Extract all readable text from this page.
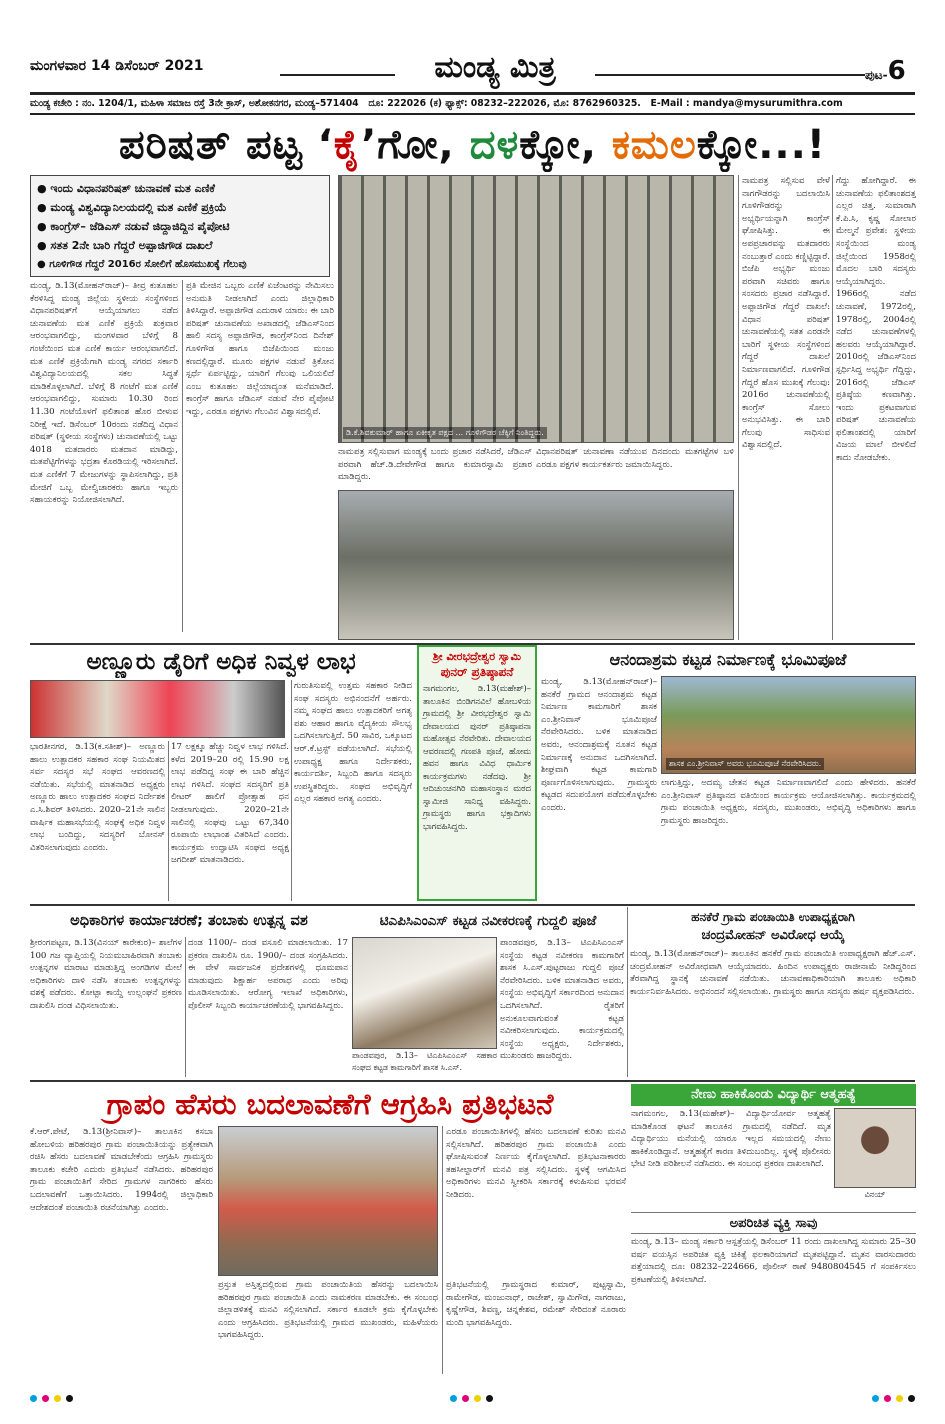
ಮಂಗಳವಾರ 14 ಡಿಸೆಂಬರ್ 2021	ಮಂಡ್ಯ ಮಿತ್ರ	ಪುಟ-6
ಮಂಡ್ಯ ಕಚೇರಿ : ನಂ. 1204/1, ಮಹಿಳಾ ಸಮಾಜ ರಸ್ತೆ 3ನೇ ಕ್ರಾಸ್, ಅಶೋಕನಗರ, ಮಂಡ್ಯ–571404 ದೂ: 222026 (ಕ) ಫ್ಯಾಕ್ಸ್: 08232–222026, ಮೊ: 8762960325. E-Mail : mandya@mysurumithra.com
ಪರಿಷತ್ ಪಟ್ಟ ‘ಕೈ’ಗೋ, ದಳಕ್ಕೋ, ಕಮಲಕ್ಕೋ...!
● ಇಂದು ವಿಧಾನಪರಿಷತ್ ಚುನಾವಣೆ ಮತ ಎಣಿಕೆ
● ಮಂಡ್ಯ ವಿಶ್ವವಿದ್ಯಾನಿಲಯದಲ್ಲಿ ಮತ ಎಣಿಕೆ ಪ್ರಕ್ರಿಯೆ
● ಕಾಂಗ್ರೆಸ್– ಜೆಡಿಎಸ್ ನಡುವೆ ಜಿದ್ದಾಜಿದ್ದಿನ ಪೈಪೋಟಿ
● ಸತತ 2ನೇ ಬಾರಿ ಗೆದ್ದರೆ ಅಪ್ಪಾಜಿಗೌಡ ದಾಖಲೆ
● ಗೂಳಿಗೌಡ ಗೆದ್ದರೆ 2016ರ ಸೋಲಿಗೆ ಹೊಸಮುಖಕ್ಕೆ ಗೆಲುವು
ಮಂಡ್ಯ, ಡಿ.13(ಮೋಹನ್‌ರಾಜ್)– ತೀವ್ರ ಕುತೂಹಲ ಕೆರಳಿಸಿದ್ದ ಮಂಡ್ಯ ಜಿಲ್ಲೆಯ ಸ್ಥಳೀಯ ಸಂಸ್ಥೆಗಳಿಂದ ವಿಧಾನಪರಿಷತ್‌ಗೆ ಆಯ್ಕೆಯಾಗಲು ನಡೆದ ಚುನಾವಣೆಯ ಮತ ಎಣಿಕೆ ಪ್ರಕ್ರಿಯೆ ಶುಕ್ರವಾರ ಆರಂಭವಾಗಲಿದ್ದು, ಮಂಗಳವಾರ ಬೆಳಿಗ್ಗೆ 8 ಗಂಟೆಯಿಂದ ಮತ ಎಣಿಕೆ ಕಾರ್ಯ ಆರಂಭವಾಗಲಿದೆ. ಮತ ಎಣಿಕೆ ಪ್ರಕ್ರಿಯೆಗಾಗಿ ಮಂಡ್ಯ ನಗರದ ಸರ್ಕಾರಿ ವಿಶ್ವವಿದ್ಯಾನಿಲಯದಲ್ಲಿ ಸಕಲ ಸಿದ್ಧತೆ ಮಾಡಿಕೊಳ್ಳಲಾಗಿದೆ. ಬೆಳಿಗ್ಗೆ 8 ಗಂಟೆಗೆ ಮತ ಎಣಿಕೆ ಆರಂಭವಾಗಲಿದ್ದು, ಸುಮಾರು 10.30 ರಿಂದ 11.30 ಗಂಟೆಯೊಳಗೆ ಫಲಿತಾಂಶ ಹೊರ ಬೀಳುವ ನಿರೀಕ್ಷೆ ಇದೆ. ಡಿಸೆಂಬರ್ 10ರಂದು ನಡೆದಿದ್ದ ವಿಧಾನ ಪರಿಷತ್ (ಸ್ಥಳೀಯ ಸಂಸ್ಥೆಗಳು) ಚುನಾವಣೆಯಲ್ಲಿ ಒಟ್ಟು 4018 ಮತದಾರರು ಮತದಾನ ಮಾಡಿದ್ದು, ಮತಪೆಟ್ಟಿಗೆಗಳನ್ನು ಭದ್ರತಾ ಕೊಠಡಿಯಲ್ಲಿ ಇರಿಸಲಾಗಿದೆ. ಮತ ಎಣಿಕೆಗೆ 7 ಮೇಜುಗಳನ್ನು ಸ್ಥಾಪಿಸಲಾಗಿದ್ದು, ಪ್ರತಿ ಮೇಜಿಗೆ ಒಬ್ಬ ಮೇಲ್ವಿಚಾರಕರು ಹಾಗೂ ಇಬ್ಬರು ಸಹಾಯಕರನ್ನು ನಿಯೋಜಿಸಲಾಗಿದೆ.
ಪ್ರತಿ ಮೇಜಿನ ಒಬ್ಬರು ಎಣಿಕೆ ಏಜೆಂಟರನ್ನು ನೇಮಿಸಲು ಅನುಮತಿ ನೀಡಲಾಗಿದೆ ಎಂದು ಜಿಲ್ಲಾಧಿಕಾರಿ ತಿಳಿಸಿದ್ದಾರೆ. ಅಪ್ಪಾಜಿಗೌಡ ಎದುರಾಳಿ ಯಾರು: ಈ ಬಾರಿ ಪರಿಷತ್ ಚುನಾವಣೆಯ ಅಖಾಡದಲ್ಲಿ ಜೆಡಿಎಸ್‌ನಿಂದ ಹಾಲಿ ಸದಸ್ಯ ಅಪ್ಪಾಜಿಗೌಡ, ಕಾಂಗ್ರೆಸ್‌ನಿಂದ ದಿನೇಶ್ ಗೂಳಿಗೌಡ ಹಾಗೂ ಬಿಜೆಪಿಯಿಂದ ಮಂಜು ಕಣದಲ್ಲಿದ್ದಾರೆ. ಮೂರು ಪಕ್ಷಗಳ ನಡುವೆ ತ್ರಿಕೋನ ಸ್ಪರ್ಧೆ ಏರ್ಪಟ್ಟಿದ್ದು, ಯಾರಿಗೆ ಗೆಲುವು ಒಲಿಯಲಿದೆ ಎಂಬ ಕುತೂಹಲ ಜಿಲ್ಲೆಯಾದ್ಯಂತ ಮನೆಮಾಡಿದೆ. ಕಾಂಗ್ರೆಸ್ ಹಾಗೂ ಜೆಡಿಎಸ್ ನಡುವೆ ನೇರ ಪೈಪೋಟಿ ಇದ್ದು, ಎರಡೂ ಪಕ್ಷಗಳು ಗೆಲುವಿನ ವಿಶ್ವಾಸದಲ್ಲಿವೆ.
ಡಿ.ಕೆ.ಶಿವಕುಮಾರ್ ಹಾಗೂ ಏಕೀಕೃತ ಪಕ್ಷದ ... ಗೂಳಿಗೌಡರ ಚೆಕ್ಕಿಗೆ ನಿಂತಿದ್ದರು.
ನಾಮಪತ್ರ ಸಲ್ಲಿಸುವಾಗ ಮಂಡ್ಯಕ್ಕೆ ಬಂದು ಪ್ರಚಾರ ನಡೆಸಿದರೆ, ಜೆಡಿಎಸ್ ಪರವಾಗಿ ಹೆಚ್.ಡಿ.ದೇವೇಗೌಡ ಹಾಗೂ ಕುಮಾರಸ್ವಾಮಿ ಪ್ರಚಾರ ಮಾಡಿದ್ದರು.
ವಿಧಾನಪರಿಷತ್ ಚುನಾವಣಾ ನಡೆಯುವ ದಿನದಂದು ಮತಗಟ್ಟೆಗಳ ಬಳಿ ಎರಡೂ ಪಕ್ಷಗಳ ಕಾರ್ಯಕರ್ತರು ಜಮಾಯಿಸಿದ್ದರು.
ನಾಮಪತ್ರ ಸಲ್ಲಿಸುವ ವೇಳೆ ನಾಗಗೌಡರನ್ನು ಬದಲಾಯಿಸಿ ಗೂಳಿಗೌಡರನ್ನು ಅಭ್ಯರ್ಥಿಯನ್ನಾಗಿ ಕಾಂಗ್ರೆಸ್ ಘೋಷಿಸಿತ್ತು. ಈ ಅಪಪ್ರಚಾರವನ್ನು ಮತದಾರರು ನಂಬುತ್ತಾರೆ ಎಂದು ಕಣ್ಣಿಟ್ಟಿದ್ದಾರೆ. ಬಿಜೆಪಿ ಅಭ್ಯರ್ಥಿ ಮಂಜು ಪರವಾಗಿ ಸಚಿವರು ಹಾಗೂ ಸಂಸದರು ಪ್ರಚಾರ ನಡೆಸಿದ್ದಾರೆ. ಅಪ್ಪಾಜಿಗೌಡ ಗೆದ್ದರೆ ದಾಖಲೆ: ವಿಧಾನ ಪರಿಷತ್ ಚುನಾವಣೆಯಲ್ಲಿ ಸತತ ಎರಡನೇ ಬಾರಿಗೆ ಸ್ಥಳೀಯ ಸಂಸ್ಥೆಗಳಿಂದ ಗೆದ್ದರೆ ದಾಖಲೆ ನಿರ್ಮಾಣವಾಗಲಿದೆ. ಗೂಳಿಗೌಡ ಗೆದ್ದರೆ ಹೊಸ ಮುಖಕ್ಕೆ ಗೆಲುವು: 2016ರ ಚುನಾವಣೆಯಲ್ಲಿ ಕಾಂಗ್ರೆಸ್ ಸೋಲು ಅನುಭವಿಸಿತ್ತು. ಈ ಬಾರಿ ಗೆಲುವು ಸಾಧಿಸುವ ವಿಶ್ವಾಸದಲ್ಲಿದೆ.
ಗೆದ್ದು ಹೋಗಿದ್ದಾರೆ. ಈ ಚುನಾವಣೆಯ ಫಲಿತಾಂಶದತ್ತ ಎಲ್ಲರ ಚಿತ್ತ. ಸುಮಾರಾಗಿ ಕೆ.ಪಿ.ಸಿ, ಕೃಷ್ಣ ಸೋಲಾರ ಮೇಲ್ಮನೆ ಪ್ರವೇಶ: ಸ್ಥಳೀಯ ಸಂಸ್ಥೆಯಿಂದ ಮಂಡ್ಯ ಜಿಲ್ಲೆಯಿಂದ 1958ರಲ್ಲಿ ಮೊದಲ ಬಾರಿ ಸದಸ್ಯರು ಆಯ್ಕೆಯಾಗಿದ್ದರು. 1966ರಲ್ಲಿ ನಡೆದ ಚುನಾವಣೆ, 1972ರಲ್ಲಿ, 1978ರಲ್ಲಿ, 2004ರಲ್ಲಿ ನಡೆದ ಚುನಾವಣೆಗಳಲ್ಲಿ ಹಲವರು ಆಯ್ಕೆಯಾಗಿದ್ದಾರೆ. 2010ರಲ್ಲಿ ಜೆಡಿಎಸ್‌ನಿಂದ ಸ್ಪರ್ಧಿಸಿದ್ದ ಅಭ್ಯರ್ಥಿ ಗೆದ್ದಿದ್ದು, 2016ರಲ್ಲಿ ಜೆಡಿಎಸ್ ಪ್ರತಿಷ್ಠೆಯ ಕಣವಾಗಿತ್ತು. ಇಂದು ಪ್ರಕಟವಾಗುವ ಪರಿಷತ್ ಚುನಾವಣೆಯ ಫಲಿತಾಂಶದಲ್ಲಿ ಯಾರಿಗೆ ವಿಜಯ ಮಾಲೆ ಬೀಳಲಿದೆ ಕಾದು ನೋಡಬೇಕು.
ಅಣ್ಣೂರು ಡೈರಿಗೆ ಅಧಿಕ ನಿವ್ವಳ ಲಾಭ
ಭಾರತೀನಗರ, ಡಿ.13(ಕ.ಸತೀಶ್)– ಅಣ್ಣೂರು ಹಾಲು ಉತ್ಪಾದಕರ ಸಹಕಾರ ಸಂಘ ನಿಯಮಿತದ ಸರ್ವ ಸದಸ್ಯರ ಸಭೆ ಸಂಘದ ಆವರಣದಲ್ಲಿ ನಡೆಯಿತು. ಸಭೆಯಲ್ಲಿ ಮಾತನಾಡಿದ ಅಧ್ಯಕ್ಷರು ಅಣ್ಣೂರು ಹಾಲು ಉತ್ಪಾದಕರ ಸಂಘದ ನಿರ್ದೇಶಕ ಎ.ಸಿ.ಶಿವರ್ ತಿಳಿಸಿದರು. 2020–21ನೇ ಸಾಲಿನ ವಾರ್ಷಿಕ ಮಹಾಸಭೆಯಲ್ಲಿ ಸಂಘಕ್ಕೆ ಅಧಿಕ ನಿವ್ವಳ ಲಾಭ ಬಂದಿದ್ದು, ಸದಸ್ಯರಿಗೆ ಬೋನಸ್ ವಿತರಿಸಲಾಗುವುದು ಎಂದರು.
17 ಲಕ್ಷಕ್ಕೂ ಹೆಚ್ಚು ನಿವ್ವಳ ಲಾಭ ಗಳಿಸಿದೆ. ಕಳೆದ 2019–20 ರಲ್ಲಿ 15.90 ಲಕ್ಷ ಲಾಭ ಪಡೆದಿದ್ದ ಸಂಘ ಈ ಬಾರಿ ಹೆಚ್ಚಿನ ಲಾಭ ಗಳಿಸಿದೆ. ಸಂಘದ ಸದಸ್ಯರಿಗೆ ಪ್ರತಿ ಲೀಟರ್ ಹಾಲಿಗೆ ಪ್ರೋತ್ಸಾಹ ಧನ ನೀಡಲಾಗುವುದು. 2020–21ನೇ ಸಾಲಿನಲ್ಲಿ ಸಂಘವು ಒಟ್ಟು 67,340 ರೂಪಾಯಿ ಲಾಭಾಂಶ ವಿತರಿಸಿದೆ ಎಂದರು. ಕಾರ್ಯಕ್ರಮ ಉದ್ಘಾಟಿಸಿ ಸಂಘದ ಅಧ್ಯಕ್ಷ ಜಗದೀಶ್ ಮಾತನಾಡಿದರು.
ಗುರುತಿಸುವಲ್ಲಿ ಉತ್ತಮ ಸಹಕಾರ ನೀಡಿದ ಸಂಘ ಸದಸ್ಯರು ಅಭಿನಂದನೆಗೆ ಅರ್ಹರು. ನಮ್ಮ ಸಂಘದ ಹಾಲು ಉತ್ಪಾದಕರಿಗೆ ಅಗತ್ಯ ಪಶು ಆಹಾರ ಹಾಗೂ ವೈದ್ಯಕೀಯ ಸೌಲಭ್ಯ ಒದಗಿಸಲಾಗುತ್ತಿದೆ. 50 ಸಾವಿರ, ಒಕ್ಕೂಟದ ಆರ್.ಕೆ.ಟ್ರಸ್ಟ್ ಪಡೆಯಲಾಗಿದೆ. ಸಭೆಯಲ್ಲಿ ಉಪಾಧ್ಯಕ್ಷ ಹಾಗೂ ನಿರ್ದೇಶಕರು, ಕಾರ್ಯದರ್ಶಿ, ಸಿಬ್ಬಂದಿ ಹಾಗೂ ಸದಸ್ಯರು ಉಪಸ್ಥಿತರಿದ್ದರು. ಸಂಘದ ಅಭಿವೃದ್ಧಿಗೆ ಎಲ್ಲರ ಸಹಕಾರ ಅಗತ್ಯ ಎಂದರು.
ಶ್ರೀ ವೀರಭದ್ರೇಶ್ವರ ಸ್ವಾಮಿ
ಪುನರ್ ಪ್ರತಿಷ್ಠಾಪನೆ
ನಾಗಮಂಗಲ, ಡಿ.13(ಮಹೇಶ್)– ತಾಲೂಕಿನ ಬಿಂಡಿಗನವಿಲೆ ಹೋಬಳಿಯ ಗ್ರಾಮದಲ್ಲಿ ಶ್ರೀ ವೀರಭದ್ರೇಶ್ವರ ಸ್ವಾಮಿ ದೇವಾಲಯದ ಪುನರ್ ಪ್ರತಿಷ್ಠಾಪನಾ ಮಹೋತ್ಸವ ನೆರವೇರಿತು. ದೇವಾಲಯದ ಆವರಣದಲ್ಲಿ ಗಣಪತಿ ಪೂಜೆ, ಹೋಮ ಹವನ ಹಾಗೂ ವಿವಿಧ ಧಾರ್ಮಿಕ ಕಾರ್ಯಕ್ರಮಗಳು ನಡೆದವು. ಶ್ರೀ ಆದಿಚುಂಚನಗಿರಿ ಮಹಾಸಂಸ್ಥಾನ ಮಠದ ಸ್ವಾಮೀಜಿ ಸಾನಿಧ್ಯ ವಹಿಸಿದ್ದರು. ಗ್ರಾಮಸ್ಥರು ಹಾಗೂ ಭಕ್ತಾದಿಗಳು ಭಾಗವಹಿಸಿದ್ದರು.
ಆನಂದಾಶ್ರಮ ಕಟ್ಟಡ ನಿರ್ಮಾಣಕ್ಕೆ ಭೂಮಿಪೂಜೆ
ಮಂಡ್ಯ, ಡಿ.13(ಮೋಹನ್‌ರಾಜ್)– ಹನಕೆರೆ ಗ್ರಾಮದ ಆನಂದಾಶ್ರಮ ಕಟ್ಟಡ ನಿರ್ಮಾಣ ಕಾಮಗಾರಿಗೆ ಶಾಸಕ ಎಂ.ಶ್ರೀನಿವಾಸ್ ಭೂಮಿಪೂಜೆ ನೆರವೇರಿಸಿದರು. ಬಳಿಕ ಮಾತನಾಡಿದ ಅವರು, ಆನಂದಾಶ್ರಮಕ್ಕೆ ನೂತನ ಕಟ್ಟಡ ನಿರ್ಮಾಣಕ್ಕೆ ಅನುದಾನ ಒದಗಿಸಲಾಗಿದೆ. ಶೀಘ್ರವಾಗಿ ಕಟ್ಟಡ ಕಾಮಗಾರಿ ಪೂರ್ಣಗೊಳಿಸಲಾಗುವುದು. ಗ್ರಾಮಸ್ಥರು ಕಟ್ಟಡದ ಸದುಪಯೋಗ ಪಡೆದುಕೊಳ್ಳಬೇಕು ಎಂದರು.
ಶಾಸಕ ಎಂ.ಶ್ರೀನಿವಾಸ್ ಅವರು ಭೂಮಿಪೂಜೆ ನೆರವೇರಿಸಿದರು.
ಲಾಗುತ್ತಿದ್ದು, ಅದಮ್ಯ ಚೇತನ ಕಟ್ಟಡ ನಿರ್ಮಾಣವಾಗಲಿದೆ ಎಂದು ಹೇಳಿದರು. ಹನಕೆರೆ ಎಂ.ಶ್ರೀನಿವಾಸ್ ಪ್ರತಿಷ್ಠಾನದ ವತಿಯಿಂದ ಕಾರ್ಯಕ್ರಮ ಆಯೋಜಿಸಲಾಗಿತ್ತು. ಕಾರ್ಯಕ್ರಮದಲ್ಲಿ ಗ್ರಾಮ ಪಂಚಾಯಿತಿ ಅಧ್ಯಕ್ಷರು, ಸದಸ್ಯರು, ಮುಖಂಡರು, ಅಭಿವೃದ್ಧಿ ಅಧಿಕಾರಿಗಳು ಹಾಗೂ ಗ್ರಾಮಸ್ಥರು ಹಾಜರಿದ್ದರು.
ಅಧಿಕಾರಿಗಳ ಕಾರ್ಯಾಚರಣೆ; ತಂಬಾಕು ಉತ್ಪನ್ನ ವಶ
ಶ್ರೀರಂಗಪಟ್ಟಣ, ಡಿ.13(ವಿನಯ್ ಕಾರೇಕುರ)– ಶಾಲೆಗಳ 100 ಗಜ ವ್ಯಾಪ್ತಿಯಲ್ಲಿ ನಿಯಮಬಾಹಿರವಾಗಿ ತಂಬಾಕು ಉತ್ಪನ್ನಗಳ ಮಾರಾಟ ಮಾಡುತ್ತಿದ್ದ ಅಂಗಡಿಗಳ ಮೇಲೆ ಅಧಿಕಾರಿಗಳು ದಾಳಿ ನಡೆಸಿ ತಂಬಾಕು ಉತ್ಪನ್ನಗಳನ್ನು ವಶಕ್ಕೆ ಪಡೆದರು. ಕೋಟ್ಪಾ ಕಾಯ್ದೆ ಉಲ್ಲಂಘನೆ ಪ್ರಕರಣ ದಾಖಲಿಸಿ ದಂಡ ವಿಧಿಸಲಾಯಿತು.
ದಂಡ 1100/– ದಂಡ ವಸೂಲಿ ಮಾಡಲಾಯಿತು. 17 ಪ್ರಕರಣ ದಾಖಲಿಸಿ ರೂ. 1900/– ದಂಡ ಸಂಗ್ರಹಿಸಿದರು. ಈ ವೇಳೆ ಸಾರ್ವಜನಿಕ ಪ್ರದೇಶಗಳಲ್ಲಿ ಧೂಮಪಾನ ಮಾಡುವುದು ಶಿಕ್ಷಾರ್ಹ ಅಪರಾಧ ಎಂದು ಅರಿವು ಮೂಡಿಸಲಾಯಿತು. ಆರೋಗ್ಯ ಇಲಾಖೆ ಅಧಿಕಾರಿಗಳು, ಪೊಲೀಸ್ ಸಿಬ್ಬಂದಿ ಕಾರ್ಯಾಚರಣೆಯಲ್ಲಿ ಭಾಗವಹಿಸಿದ್ದರು.
ಟಿಎಪಿಸಿಎಂಎಸ್ ಕಟ್ಟಡ ನವೀಕರಣಕ್ಕೆ ಗುದ್ದಲಿ ಪೂಜೆ
ಪಾಂಡವಪುರ, ಡಿ.13– ಟಿಎಪಿಸಿಎಂಎಸ್ ಸಹಕಾರ ಸಂಘದ ಕಟ್ಟಡ ಕಾಮಗಾರಿಗೆ ಶಾಸಕ ಸಿ.ಎಸ್.
ಪಾಂಡವಪುರ, ಡಿ.13– ಟಿಎಪಿಸಿಎಂಎಸ್ ಸಂಸ್ಥೆಯ ಕಟ್ಟಡ ನವೀಕರಣ ಕಾಮಗಾರಿಗೆ ಶಾಸಕ ಸಿ.ಎಸ್.ಪುಟ್ಟರಾಜು ಗುದ್ದಲಿ ಪೂಜೆ ನೆರವೇರಿಸಿದರು. ಬಳಿಕ ಮಾತನಾಡಿದ ಅವರು, ಸಂಸ್ಥೆಯ ಅಭಿವೃದ್ಧಿಗೆ ಸರ್ಕಾರದಿಂದ ಅನುದಾನ ಒದಗಿಸಲಾಗಿದೆ. ರೈತರಿಗೆ ಅನುಕೂಲವಾಗುವಂತೆ ಕಟ್ಟಡ ನವೀಕರಿಸಲಾಗುವುದು. ಕಾರ್ಯಕ್ರಮದಲ್ಲಿ ಸಂಸ್ಥೆಯ ಅಧ್ಯಕ್ಷರು, ನಿರ್ದೇಶಕರು, ಮುಖಂಡರು ಹಾಜರಿದ್ದರು.
ಹನಕೆರೆ ಗ್ರಾಮ ಪಂಚಾಯಿತಿ ಉಪಾಧ್ಯಕ್ಷರಾಗಿ
ಚಂದ್ರಮೋಹನ್ ಅವಿರೋಧ ಆಯ್ಕೆ
ಮಂಡ್ಯ, ಡಿ.13(ಮೋಹನ್‌ರಾಜ್)– ತಾಲೂಕಿನ ಹನಕೆರೆ ಗ್ರಾಮ ಪಂಚಾಯಿತಿ ಉಪಾಧ್ಯಕ್ಷರಾಗಿ ಹೆಚ್.ಎಸ್. ಚಂದ್ರಮೋಹನ್ ಅವಿರೋಧವಾಗಿ ಆಯ್ಕೆಯಾದರು. ಹಿಂದಿನ ಉಪಾಧ್ಯಕ್ಷರು ರಾಜೀನಾಮೆ ನೀಡಿದ್ದರಿಂದ ತೆರವಾಗಿದ್ದ ಸ್ಥಾನಕ್ಕೆ ಚುನಾವಣೆ ನಡೆಯಿತು. ಚುನಾವಣಾಧಿಕಾರಿಯಾಗಿ ತಾಲೂಕು ಅಧಿಕಾರಿ ಕಾರ್ಯನಿರ್ವಹಿಸಿದರು. ಅಭಿನಂದನೆ ಸಲ್ಲಿಸಲಾಯಿತು. ಗ್ರಾಮಸ್ಥರು ಹಾಗೂ ಸದಸ್ಯರು ಹರ್ಷ ವ್ಯಕ್ತಪಡಿಸಿದರು.
ಗ್ರಾಪಂ ಹೆಸರು ಬದಲಾವಣೆಗೆ ಆಗ್ರಹಿಸಿ ಪ್ರತಿಭಟನೆ
ಕೆ.ಆರ್.ಪೇಟೆ, ಡಿ.13(ಶ್ರೀನಿವಾಸ್)– ತಾಲೂಕಿನ ಕಸಬಾ ಹೋಬಳಿಯ ಹರಿಹರಪುರ ಗ್ರಾಮ ಪಂಚಾಯಿತಿಯನ್ನು ಪ್ರತ್ಯೇಕವಾಗಿ ರಚಿಸಿ ಹೆಸರು ಬದಲಾವಣೆ ಮಾಡಬೇಕೆಂದು ಆಗ್ರಹಿಸಿ ಗ್ರಾಮಸ್ಥರು ತಾಲೂಕು ಕಚೇರಿ ಎದುರು ಪ್ರತಿಭಟನೆ ನಡೆಸಿದರು. ಹರಿಹರಪುರ ಗ್ರಾಮ ಪಂಚಾಯಿತಿಗೆ ಸೇರಿದ ಗ್ರಾಮಗಳ ನಾಗರಿಕರು ಹೆಸರು ಬದಲಾವಣೆಗೆ ಒತ್ತಾಯಿಸಿದರು. 1994ರಲ್ಲಿ ಜಿಲ್ಲಾಧಿಕಾರಿ ಆದೇಶದಂತೆ ಪಂಚಾಯಿತಿ ರಚನೆಯಾಗಿತ್ತು ಎಂದರು.
ಪ್ರಸ್ತುತ ಅಸ್ತಿತ್ವದಲ್ಲಿರುವ ಗ್ರಾಮ ಪಂಚಾಯಿತಿಯ ಹೆಸರನ್ನು ಬದಲಾಯಿಸಿ ಹರಿಹರಪುರ ಗ್ರಾಮ ಪಂಚಾಯಿತಿ ಎಂದು ನಾಮಕರಣ ಮಾಡಬೇಕು. ಈ ಸಂಬಂಧ ಜಿಲ್ಲಾಡಳಿತಕ್ಕೆ ಮನವಿ ಸಲ್ಲಿಸಲಾಗಿದೆ. ಸರ್ಕಾರ ಕೂಡಲೇ ಕ್ರಮ ಕೈಗೊಳ್ಳಬೇಕು ಎಂದು ಆಗ್ರಹಿಸಿದರು. ಪ್ರತಿಭಟನೆಯಲ್ಲಿ ಗ್ರಾಮದ ಮುಖಂಡರು, ಮಹಿಳೆಯರು ಭಾಗವಹಿಸಿದ್ದರು.
ಎರಡೂ ಪಂಚಾಯಿತಿಗಳಲ್ಲಿ ಹೆಸರು ಬದಲಾವಣೆ ಕುರಿತು ಮನವಿ ಸಲ್ಲಿಸಲಾಗಿದೆ. ಹರಿಹರಪುರ ಗ್ರಾಮ ಪಂಚಾಯಿತಿ ಎಂದು ಘೋಷಿಸುವಂತೆ ನಿರ್ಣಯ ಕೈಗೊಳ್ಳಲಾಗಿದೆ. ಪ್ರತಿಭಟನಾಕಾರರು ತಹಸೀಲ್ದಾರ್‌ಗೆ ಮನವಿ ಪತ್ರ ಸಲ್ಲಿಸಿದರು. ಸ್ಥಳಕ್ಕೆ ಆಗಮಿಸಿದ ಅಧಿಕಾರಿಗಳು ಮನವಿ ಸ್ವೀಕರಿಸಿ ಸರ್ಕಾರಕ್ಕೆ ಕಳುಹಿಸುವ ಭರವಸೆ ನೀಡಿದರು.
ಪ್ರತಿಭಟನೆಯಲ್ಲಿ ಗ್ರಾಮಸ್ಥರಾದ ಕುಮಾರ್, ಪುಟ್ಟಸ್ವಾಮಿ, ರಾಮೇಗೌಡ, ಮಂಜುನಾಥ್, ರಾಜೇಶ್, ಸ್ವಾಮಿಗೌಡ, ನಾಗರಾಜು, ಕೃಷ್ಣೇಗೌಡ, ಶಿವಣ್ಣ, ಚನ್ನಕೇಶವ, ರಮೇಶ್ ಸೇರಿದಂತೆ ನೂರಾರು ಮಂದಿ ಭಾಗವಹಿಸಿದ್ದರು.
ನೇಣು ಹಾಕಿಕೊಂಡು ವಿದ್ಯಾರ್ಥಿ ಆತ್ಮಹತ್ಯೆ
ನಾಗಮಂಗಲ, ಡಿ.13(ಮಹೇಶ್)– ವಿದ್ಯಾರ್ಥಿಯೋರ್ವ ಆತ್ಮಹತ್ಯೆ ಮಾಡಿಕೊಂಡ ಘಟನೆ ತಾಲೂಕಿನ ಗ್ರಾಮದಲ್ಲಿ ನಡೆದಿದೆ. ಮೃತ ವಿದ್ಯಾರ್ಥಿಯು ಮನೆಯಲ್ಲಿ ಯಾರೂ ಇಲ್ಲದ ಸಮಯದಲ್ಲಿ ನೇಣು ಹಾಕಿಕೊಂಡಿದ್ದಾನೆ. ಆತ್ಮಹತ್ಯೆಗೆ ಕಾರಣ ತಿಳಿದುಬಂದಿಲ್ಲ. ಸ್ಥಳಕ್ಕೆ ಪೊಲೀಸರು ಭೇಟಿ ನೀಡಿ ಪರಿಶೀಲನೆ ನಡೆಸಿದರು. ಈ ಸಂಬಂಧ ಪ್ರಕರಣ ದಾಖಲಾಗಿದೆ.
ವಿನಯ್
ಅಪರಿಚಿತ ವ್ಯಕ್ತಿ ಸಾವು
ಮಂಡ್ಯ, ಡಿ.13– ಮಂಡ್ಯ ಸರ್ಕಾರಿ ಆಸ್ಪತ್ರೆಯಲ್ಲಿ ಡಿಸೆಂಬರ್ 11 ರಂದು ದಾಖಲಾಗಿದ್ದ ಸುಮಾರು 25–30 ವರ್ಷ ವಯಸ್ಸಿನ ಅಪರಿಚಿತ ವ್ಯಕ್ತಿ ಚಿಕಿತ್ಸೆ ಫಲಕಾರಿಯಾಗದೆ ಮೃತಪಟ್ಟಿದ್ದಾನೆ. ಮೃತನ ವಾರಸುದಾರರು ಪತ್ತೆಯಾದಲ್ಲಿ ದೂ: 08232–224666, ಪೊಲೀಸ್ ಠಾಣೆ 9480804545 ಗೆ ಸಂಪರ್ಕಿಸಲು ಪ್ರಕಟಣೆಯಲ್ಲಿ ತಿಳಿಸಲಾಗಿದೆ.
